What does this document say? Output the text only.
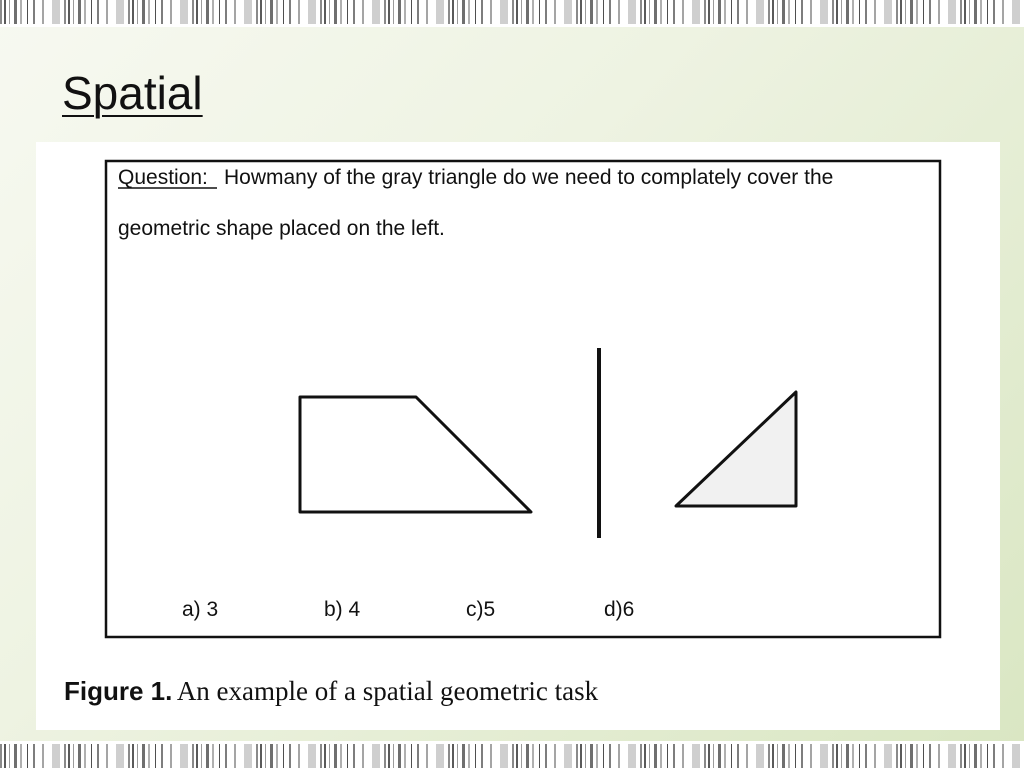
Spatial
Question: Howmany of the gray triangle do we need to complately cover the
geometric shape placed on the left.
a) 3	b) 4	c)5	d)6

Figure 1. An example of a spatial geometric task
